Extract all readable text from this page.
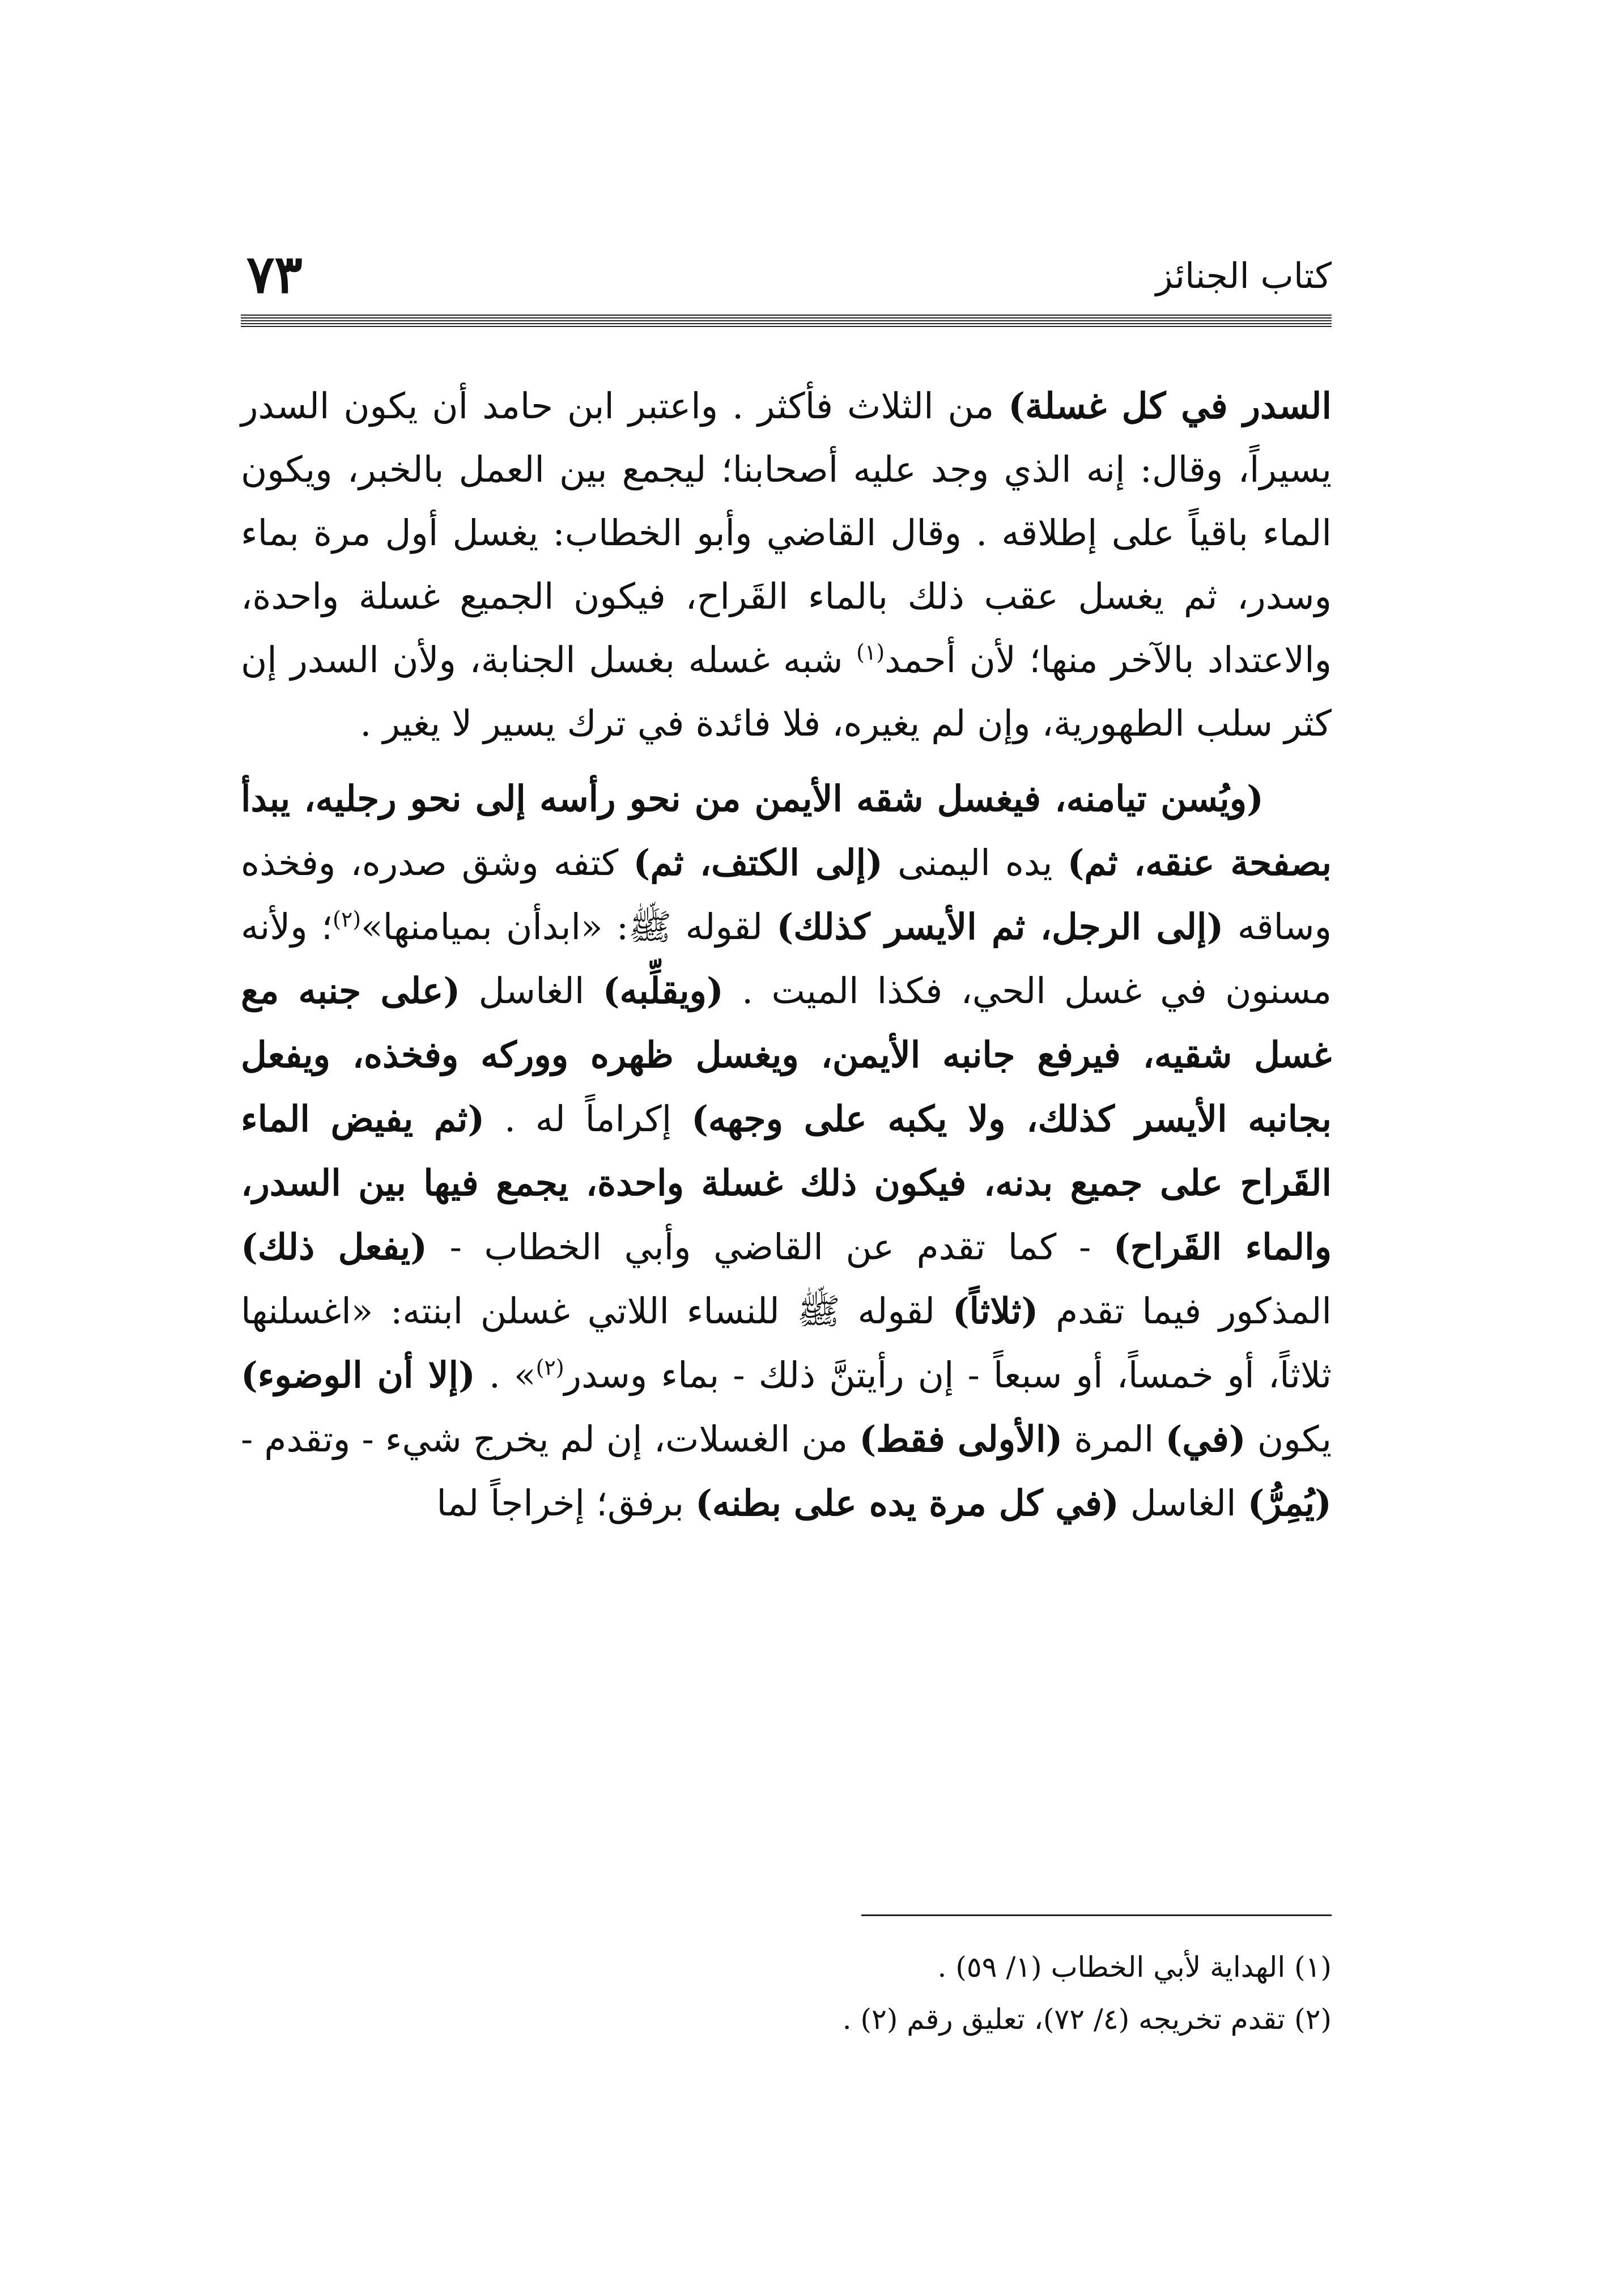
كتاب الجنائز
٧٣

السدر في كل غسلة) من الثلاث فأكثر . واعتبر ابن حامد أن يكون السدر يسيراً، وقال: إنه الذي وجد عليه أصحابنا؛ ليجمع بين العمل بالخبر، ويكون الماء باقياً على إطلاقه . وقال القاضي وأبو الخطاب: يغسل أول مرة بماء وسدر، ثم يغسل عقب ذلك بالماء القَراح، فيكون الجميع غسلة واحدة، والاعتداد بالآخر منها؛ لأن أحمد$^{(١)}$ شبه غسله بغسل الجنابة، ولأن السدر إن كثر سلب الطهورية، وإن لم يغيره، فلا فائدة في ترك يسير لا يغير .

(ويُسن تيامنه، فيغسل شقه الأيمن من نحو رأسه إلى نحو رجليه، يبدأ بصفحة عنقه، ثم) يده اليمنى (إلى الكتف، ثم) كتفه وشق صدره، وفخذه وساقه (إلى الرجل، ثم الأيسر كذلك) لقوله ﷺ: «ابدأن بميامنها»$^{(٢)}$؛ ولأنه مسنون في غسل الحي، فكذا الميت . (ويقلِّبه) الغاسل (على جنبه مع غسل شقيه، فيرفع جانبه الأيمن، ويغسل ظهره ووركه وفخذه، ويفعل بجانبه الأيسر كذلك، ولا يكبه على وجهه) إكراماً له . (ثم يفيض الماء القَراح على جميع بدنه، فيكون ذلك غسلة واحدة، يجمع فيها بين السدر، والماء القَراح) - كما تقدم عن القاضي وأبي الخطاب - (يفعل ذلك) المذكور فيما تقدم (ثلاثاً) لقوله ﷺ للنساء اللاتي غسلن ابنته: «اغسلنها ثلاثاً، أو خمساً، أو سبعاً - إن رأيتنَّ ذلك - بماء وسدر$^{(٢)}$» . (إلا أن الوضوء) يكون (في) المرة (الأولى فقط) من الغسلات، إن لم يخرج شيء - وتقدم - (يُمِرُّ) الغاسل (في كل مرة يده على بطنه) برفق؛ إخراجاً لما

(١) الهداية لأبي الخطاب (١/ ٥٩) .
(٢) تقدم تخريجه (٤/ ٧٢)، تعليق رقم (٢) .
